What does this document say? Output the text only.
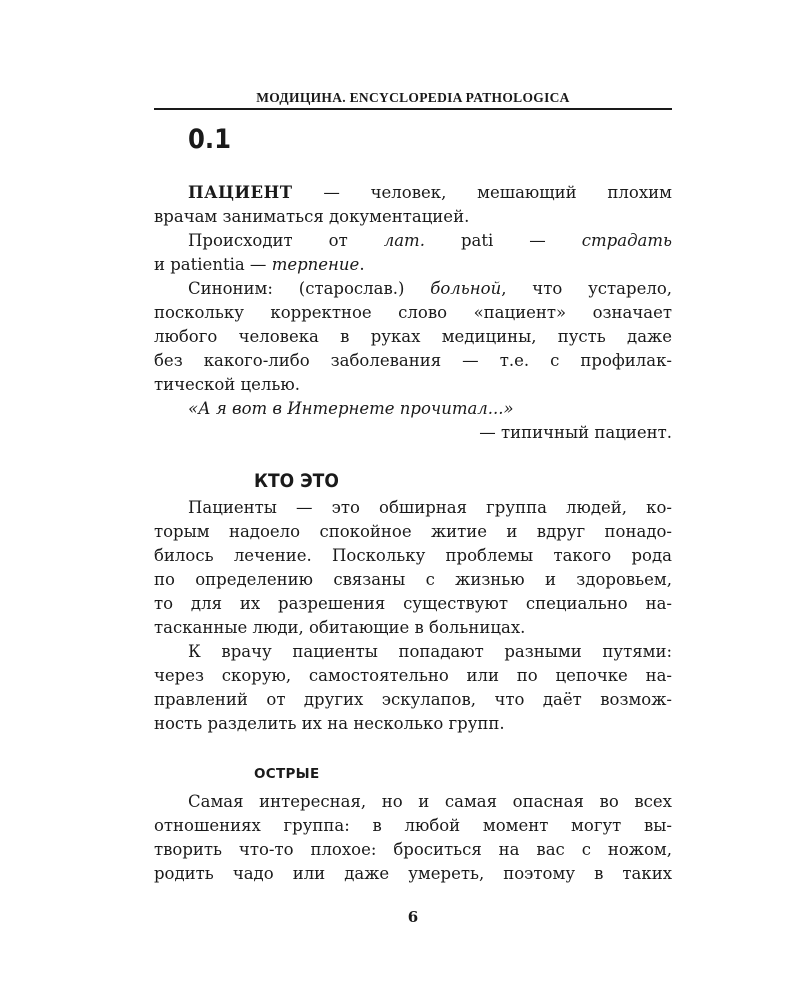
МОДИЦИНА. ENCYCLOPEDIA PATHOLOGICA
0.1
ПАЦИЕНТ — человек, мешающий плохим
врачам заниматься документацией.
Происходит от лат. pati — страдать
и patientia — терпение.
Синоним: (старослав.) больной, что устарело,
поскольку корректное слово «пациент» означает
любого человека в руках медицины, пусть даже
без какого-либо заболевания — т.е. с профилак-
тической целью.
«А я вот в Интернете прочитал...»
— типичный пациент.
КТО ЭТО
Пациенты — это обширная группа людей, ко-
торым надоело спокойное житие и вдруг понадо-
билось лечение. Поскольку проблемы такого рода
по определению связаны с жизнью и здоровьем,
то для их разрешения существуют специально на-
тасканные люди, обитающие в больницах.
К врачу пациенты попадают разными путями:
через скорую, самостоятельно или по цепочке на-
правлений от других эскулапов, что даёт возмож-
ность разделить их на несколько групп.
ОСТРЫЕ
Самая интересная, но и самая опасная во всех
отношениях группа: в любой момент могут вы-
творить что-то плохое: броситься на вас с ножом,
родить чадо или даже умереть, поэтому в таких
6
